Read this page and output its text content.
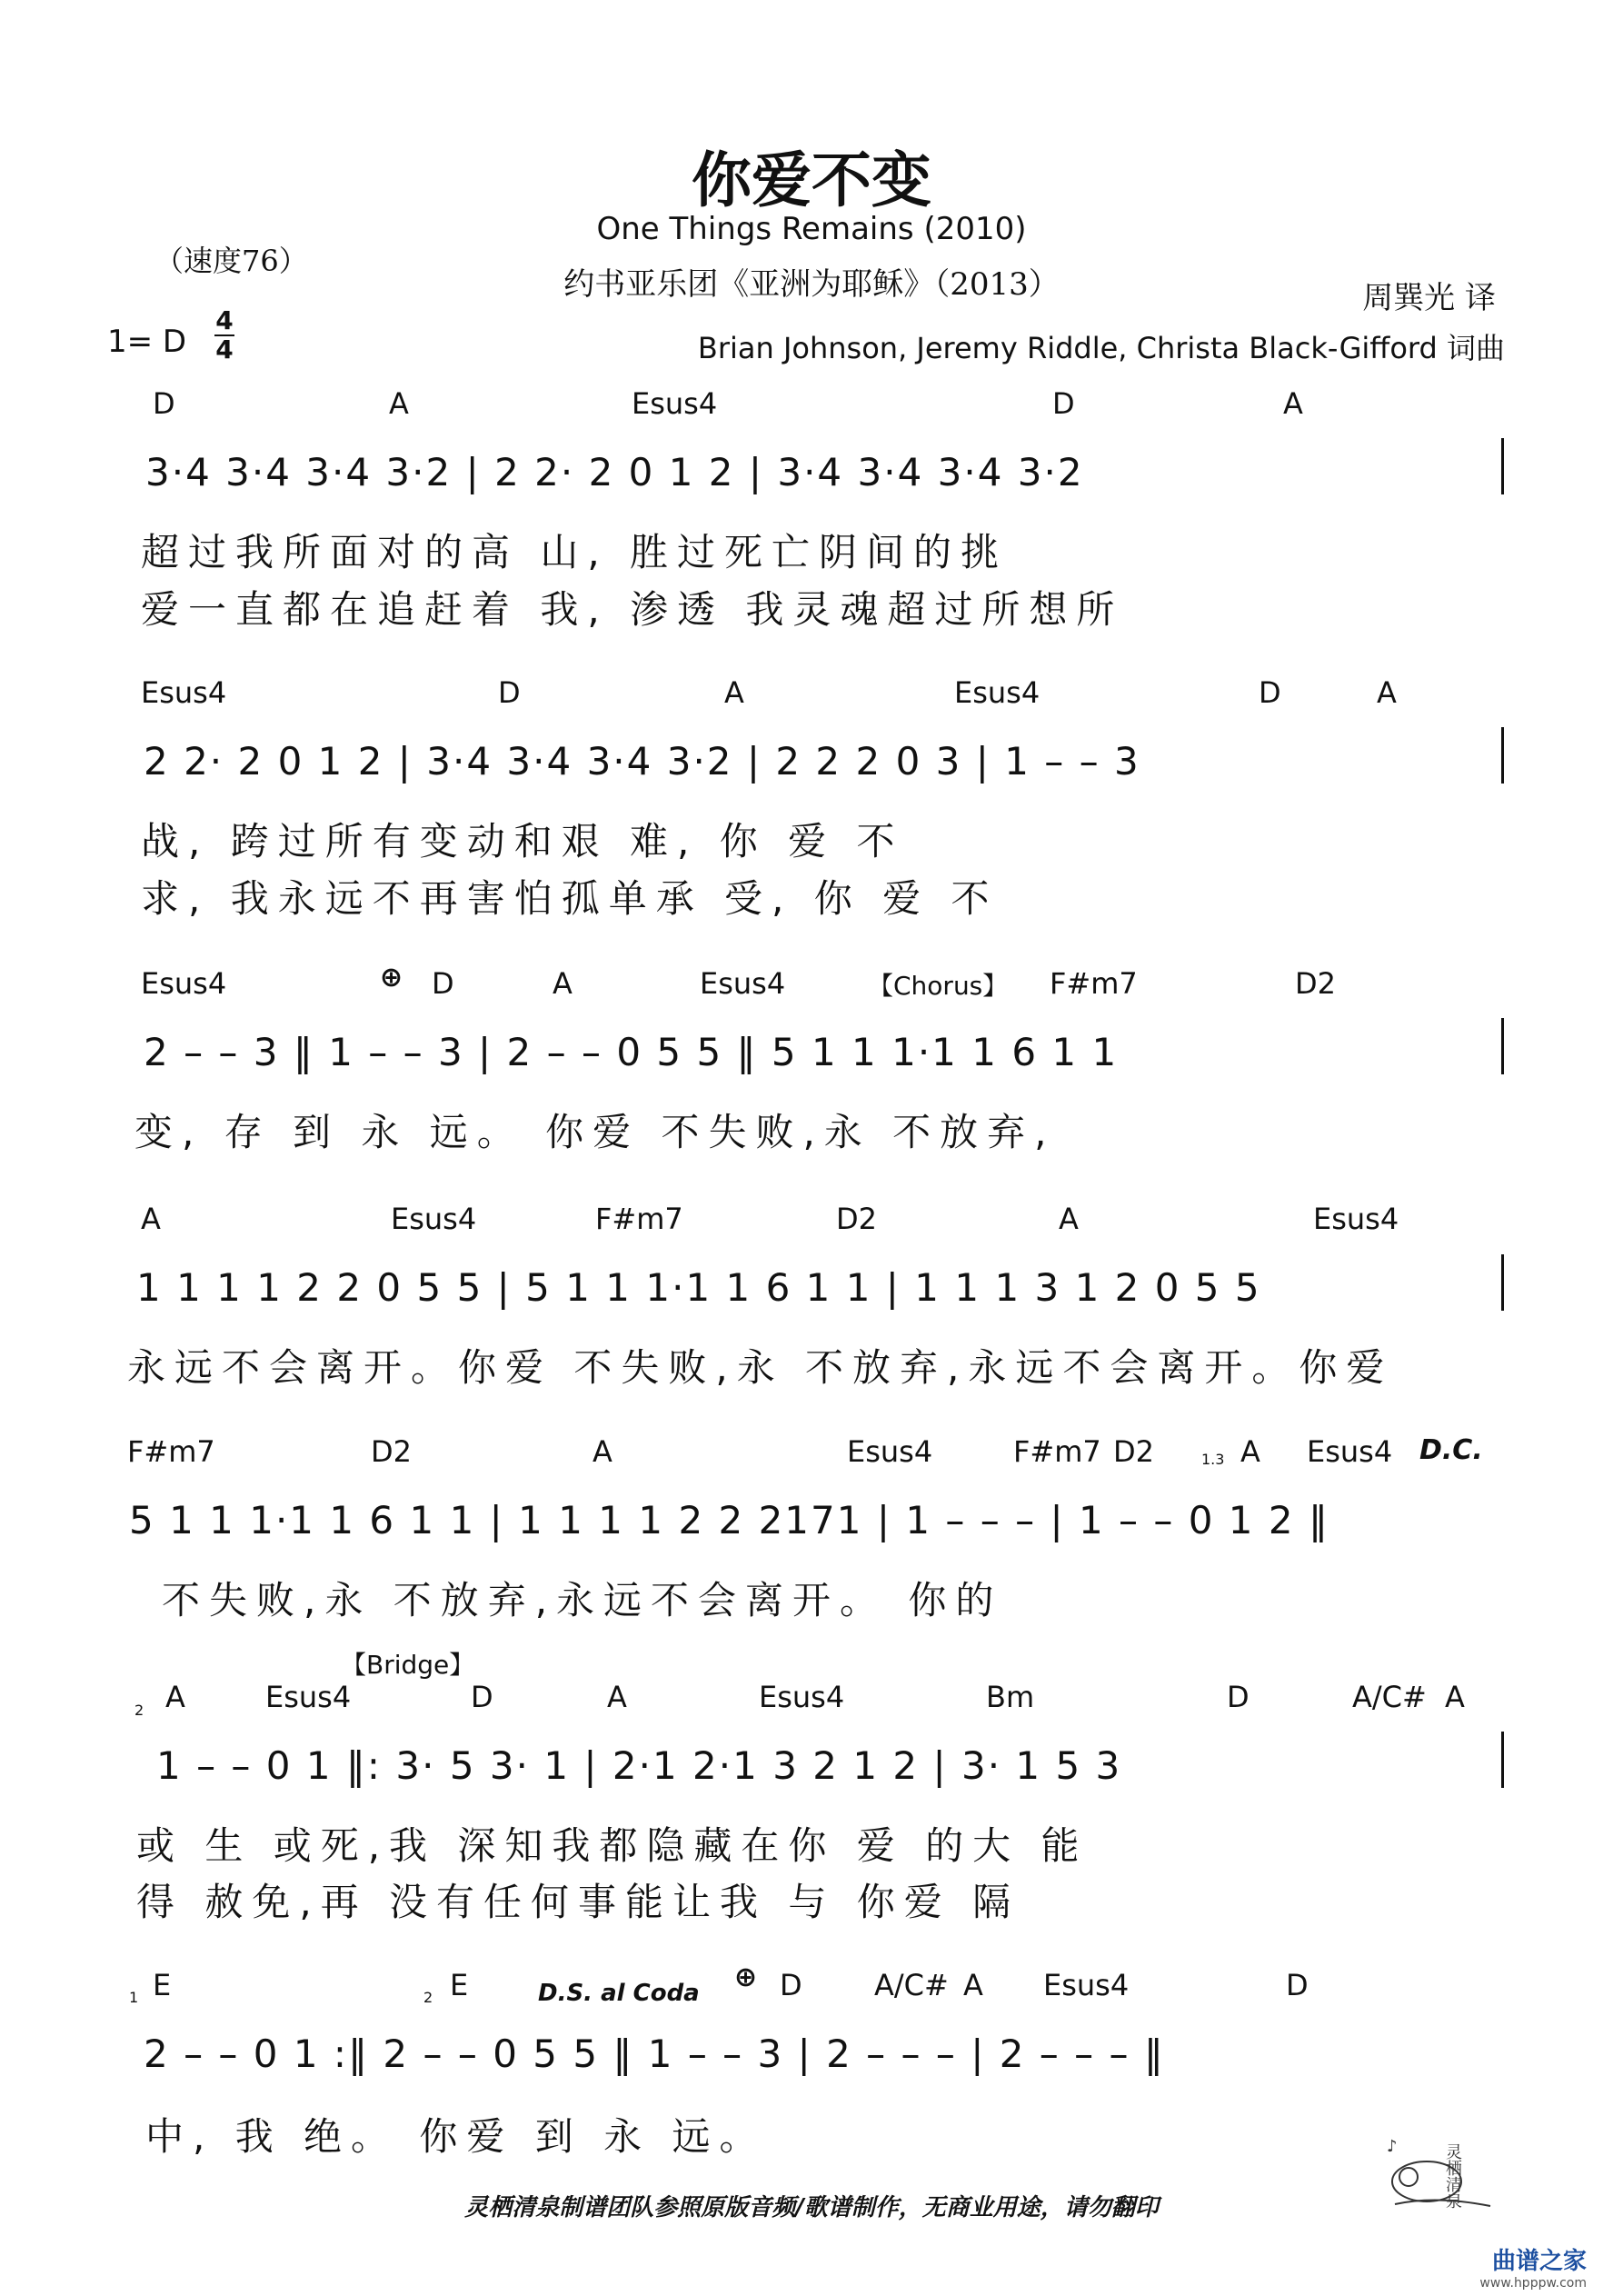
你爱不变
One Things Remains (2010)
约书亚乐团《亚洲为耶稣》（2013）
（速度76）
周巽光 译
Brian Johnson, Jeremy Riddle, Christa Black-Gifford 词曲
1= D
4
4
D	A	Esus4	D	A
3·4 3·4 3·4 3·2 | 2 2· 2 0 1 2 | 3·4 3·4 3·4 3·2
超过我所面对的高 山, 胜过死亡阴间的挑
爱一直都在追赶着 我, 渗透 我灵魂超过所想所
Esus4	D	A	Esus4	D	A
2 2· 2 0 1 2 | 3·4 3·4 3·4 3·2 | 2 2 2 0 3 | 1 – – 3
战, 跨过所有变动和艰 难, 你 爱 不
求, 我永远不再害怕孤单承 受, 你 爱 不
Esus4	⊕ D	A	Esus4	【Chorus】 F#m7	D2
2 – – 3 ‖ 1 – – 3 | 2 – – 0 5 5 ‖ 5 1 1 1·1 1 6 1 1
变, 存 到 永 远。 你爱 不失败,永 不放弃,
A	Esus4	F#m7	D2	A	Esus4
1 1 1 1 2 2 0 5 5 | 5 1 1 1·1 1 6 1 1 | 1 1 1 3 1 2 0 5 5
永远不会离开。你爱 不失败,永 不放弃,永远不会离开。你爱
F#m7	D2	A	Esus4	F#m7 D2	1.3 A Esus4 D.C.
5 1 1 1·1 1 6 1 1 | 1 1 1 1 2 2 2171 | 1 – – – | 1 – – 0 1 2 ‖
不失败,永 不放弃,永远不会离开。 你的
【Bridge】
2 A	Esus4	D	A	Esus4	Bm	D	A/C# A
1 – – 0 1 ‖: 3· 5 3· 1 | 2·1 2·1 3 2 1 2 | 3· 1 5 3
或 生 或死,我 深知我都隐藏在你 爱 的大 能
得 赦免,再 没有任何事能让我 与 你爱 隔
1 E	2 E	D.S. al Coda ⊕ D A/C# A Esus4	D
2 – – 0 1 :‖ 2 – – 0 5 5 ‖ 1 – – 3 | 2 – – – | 2 – – – ‖
中, 我 绝。 你爱 到 永 远。	♪	灵栖清泉
灵栖清泉制谱团队参照原版音频/歌谱制作，无商业用途，请勿翻印
曲谱之家
www.hpppw.com
